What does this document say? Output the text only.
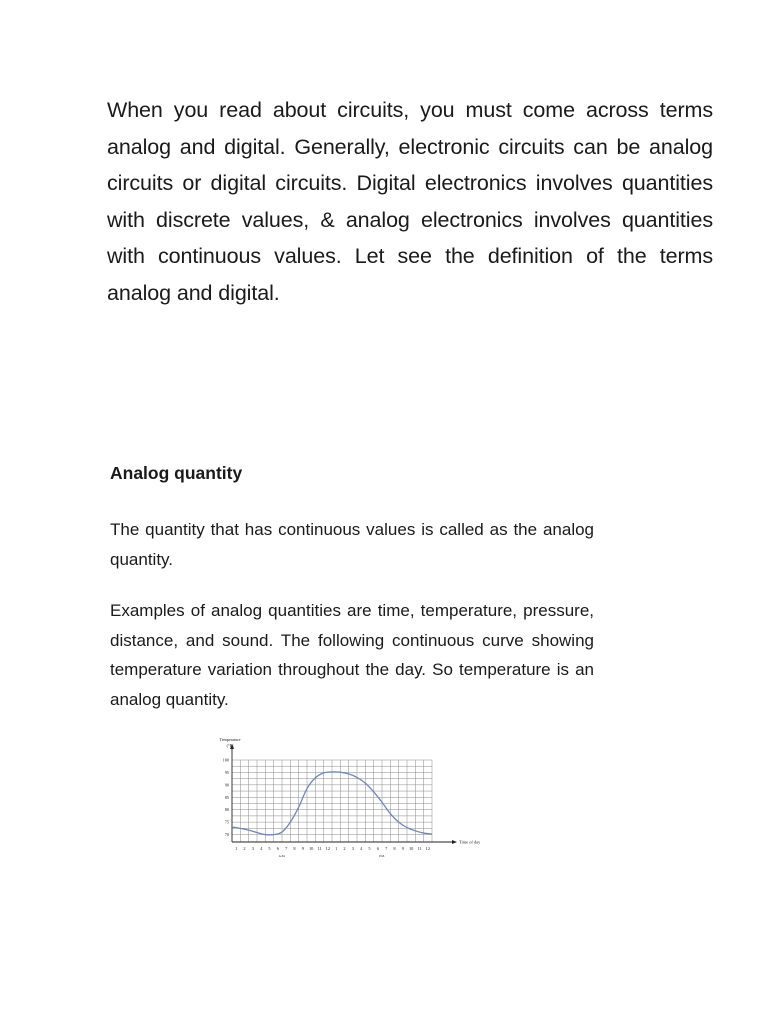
When you read about circuits, you must come across terms analog and digital. Generally, electronic circuits can be analog circuits or digital circuits. Digital electronics involves quantities with discrete values, & analog electronics involves quantities with continuous values. Let see the definition of the terms analog and digital.

Analog quantity

The quantity that has continuous values is called as the analog quantity.

Examples of analog quantities are time, temperature, pressure, distance, and sound. The following continuous curve showing temperature variation throughout the day. So temperature is an analog quantity.

100
95
90
85
80
75
70
1 2 3 4 5 6 7 8 9 10 11 12 1 2 3 4 5 6 7 8 9 10 11 12
A.M.	P.M.
Temperature
(°F)
Time of day
